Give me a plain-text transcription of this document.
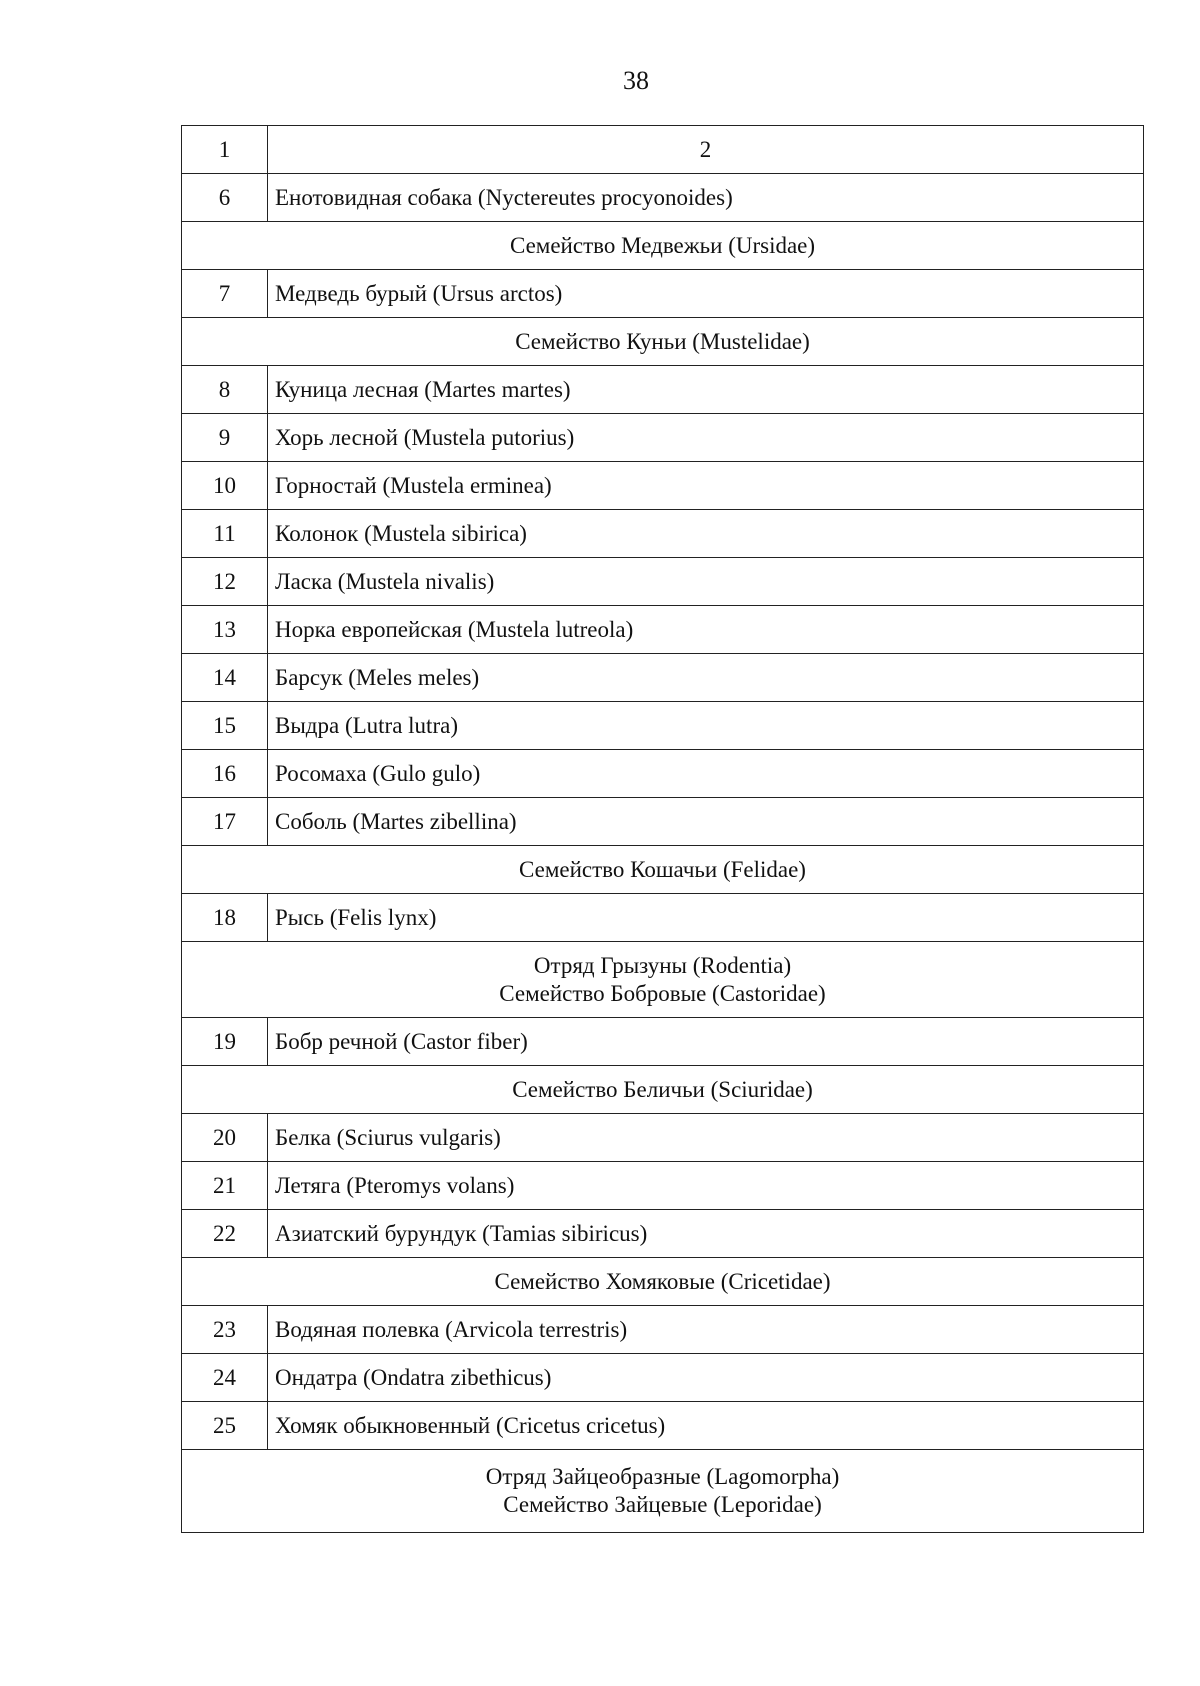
38
1	2
6	Енотовидная собака (Nyctereutes procyonoides)

Семейство Медвежьи (Ursidae)	

7	Медведь бурый (Ursus arctos)

Семейство Куньи (Mustelidae)	

8	Куница лесная (Martes martes)
9	Хорь лесной (Mustela putorius)
10	Горностай (Mustela erminea)
11	Колонок (Mustela sibirica)
12	Ласка (Mustela nivalis)
13	Норка европейская (Mustela lutreola)
14	Барсук (Meles meles)
15	Выдра (Lutra lutra)
16	Росомаха (Gulo gulo)
17	Соболь (Martes zibellina)

Семейство Кошачьи (Felidae)	

18	Рысь (Felis lynx)

Отряд Грызуны (Rodentia)
Семейство Бобровые (Castoridae)	

19	Бобр речной (Castor fiber)

Семейство Беличьи (Sciuridae)	

20	Белка (Sciurus vulgaris)
21	Летяга (Pteromys volans)
22	Азиатский бурундук (Tamias sibiricus)

Семейство Хомяковые (Cricetidae)	

23	Водяная полевка (Arvicola terrestris)
24	Ондатра (Ondatra zibethicus)
25	Хомяк обыкновенный (Cricetus cricetus)

Отряд Зайцеобразные (Lagomorpha)
Семейство Зайцевые (Leporidae)	
